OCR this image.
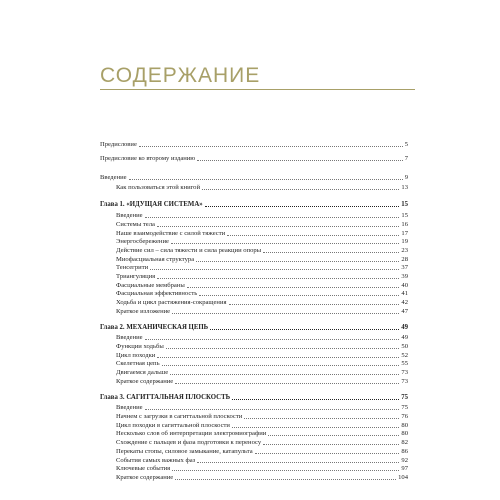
СОДЕРЖАНИЕ
Предисловие	5
Предисловие ко второму изданию	7
Введение	9
Как пользоваться этой книгой	13
Глава 1. «ИДУЩАЯ СИСТЕМА»	15
Введение	15
Системы тела	16
Наше взаимодействие с силой тяжести	17
Энергосбережение	19
Действие сил – сила тяжести и сила реакции опоры	23
Миофасциальная структура	28
Тенсегрити	37
Триангуляция	39
Фасциальные мембраны	40
Фасциальная эффективность	41
Ходьба и цикл растяжения-сокращения	42
Краткое изложение	47
Глава 2. МЕХАНИЧЕСКАЯ ЦЕПЬ	49
Введение	49
Функции ходьбы	50
Цикл походки	52
Скелетная цепь	55
Двигаемся дальше	73
Краткое содержание	73
Глава 3. САГИТТАЛЬНАЯ ПЛОСКОСТЬ	75
Введение	75
Начнем с загрузки в сагиттальной плоскости	76
Цикл походки в сагиттальной плоскости	80
Несколько слов об интерпретации электромиографии	80
Схождение с пальцев и фаза подготовки к переносу	82
Перекаты стопы, силовое замыкание, катапульта	86
События самых важных фаз	92
Ключевые события	97
Краткое содержание	104
